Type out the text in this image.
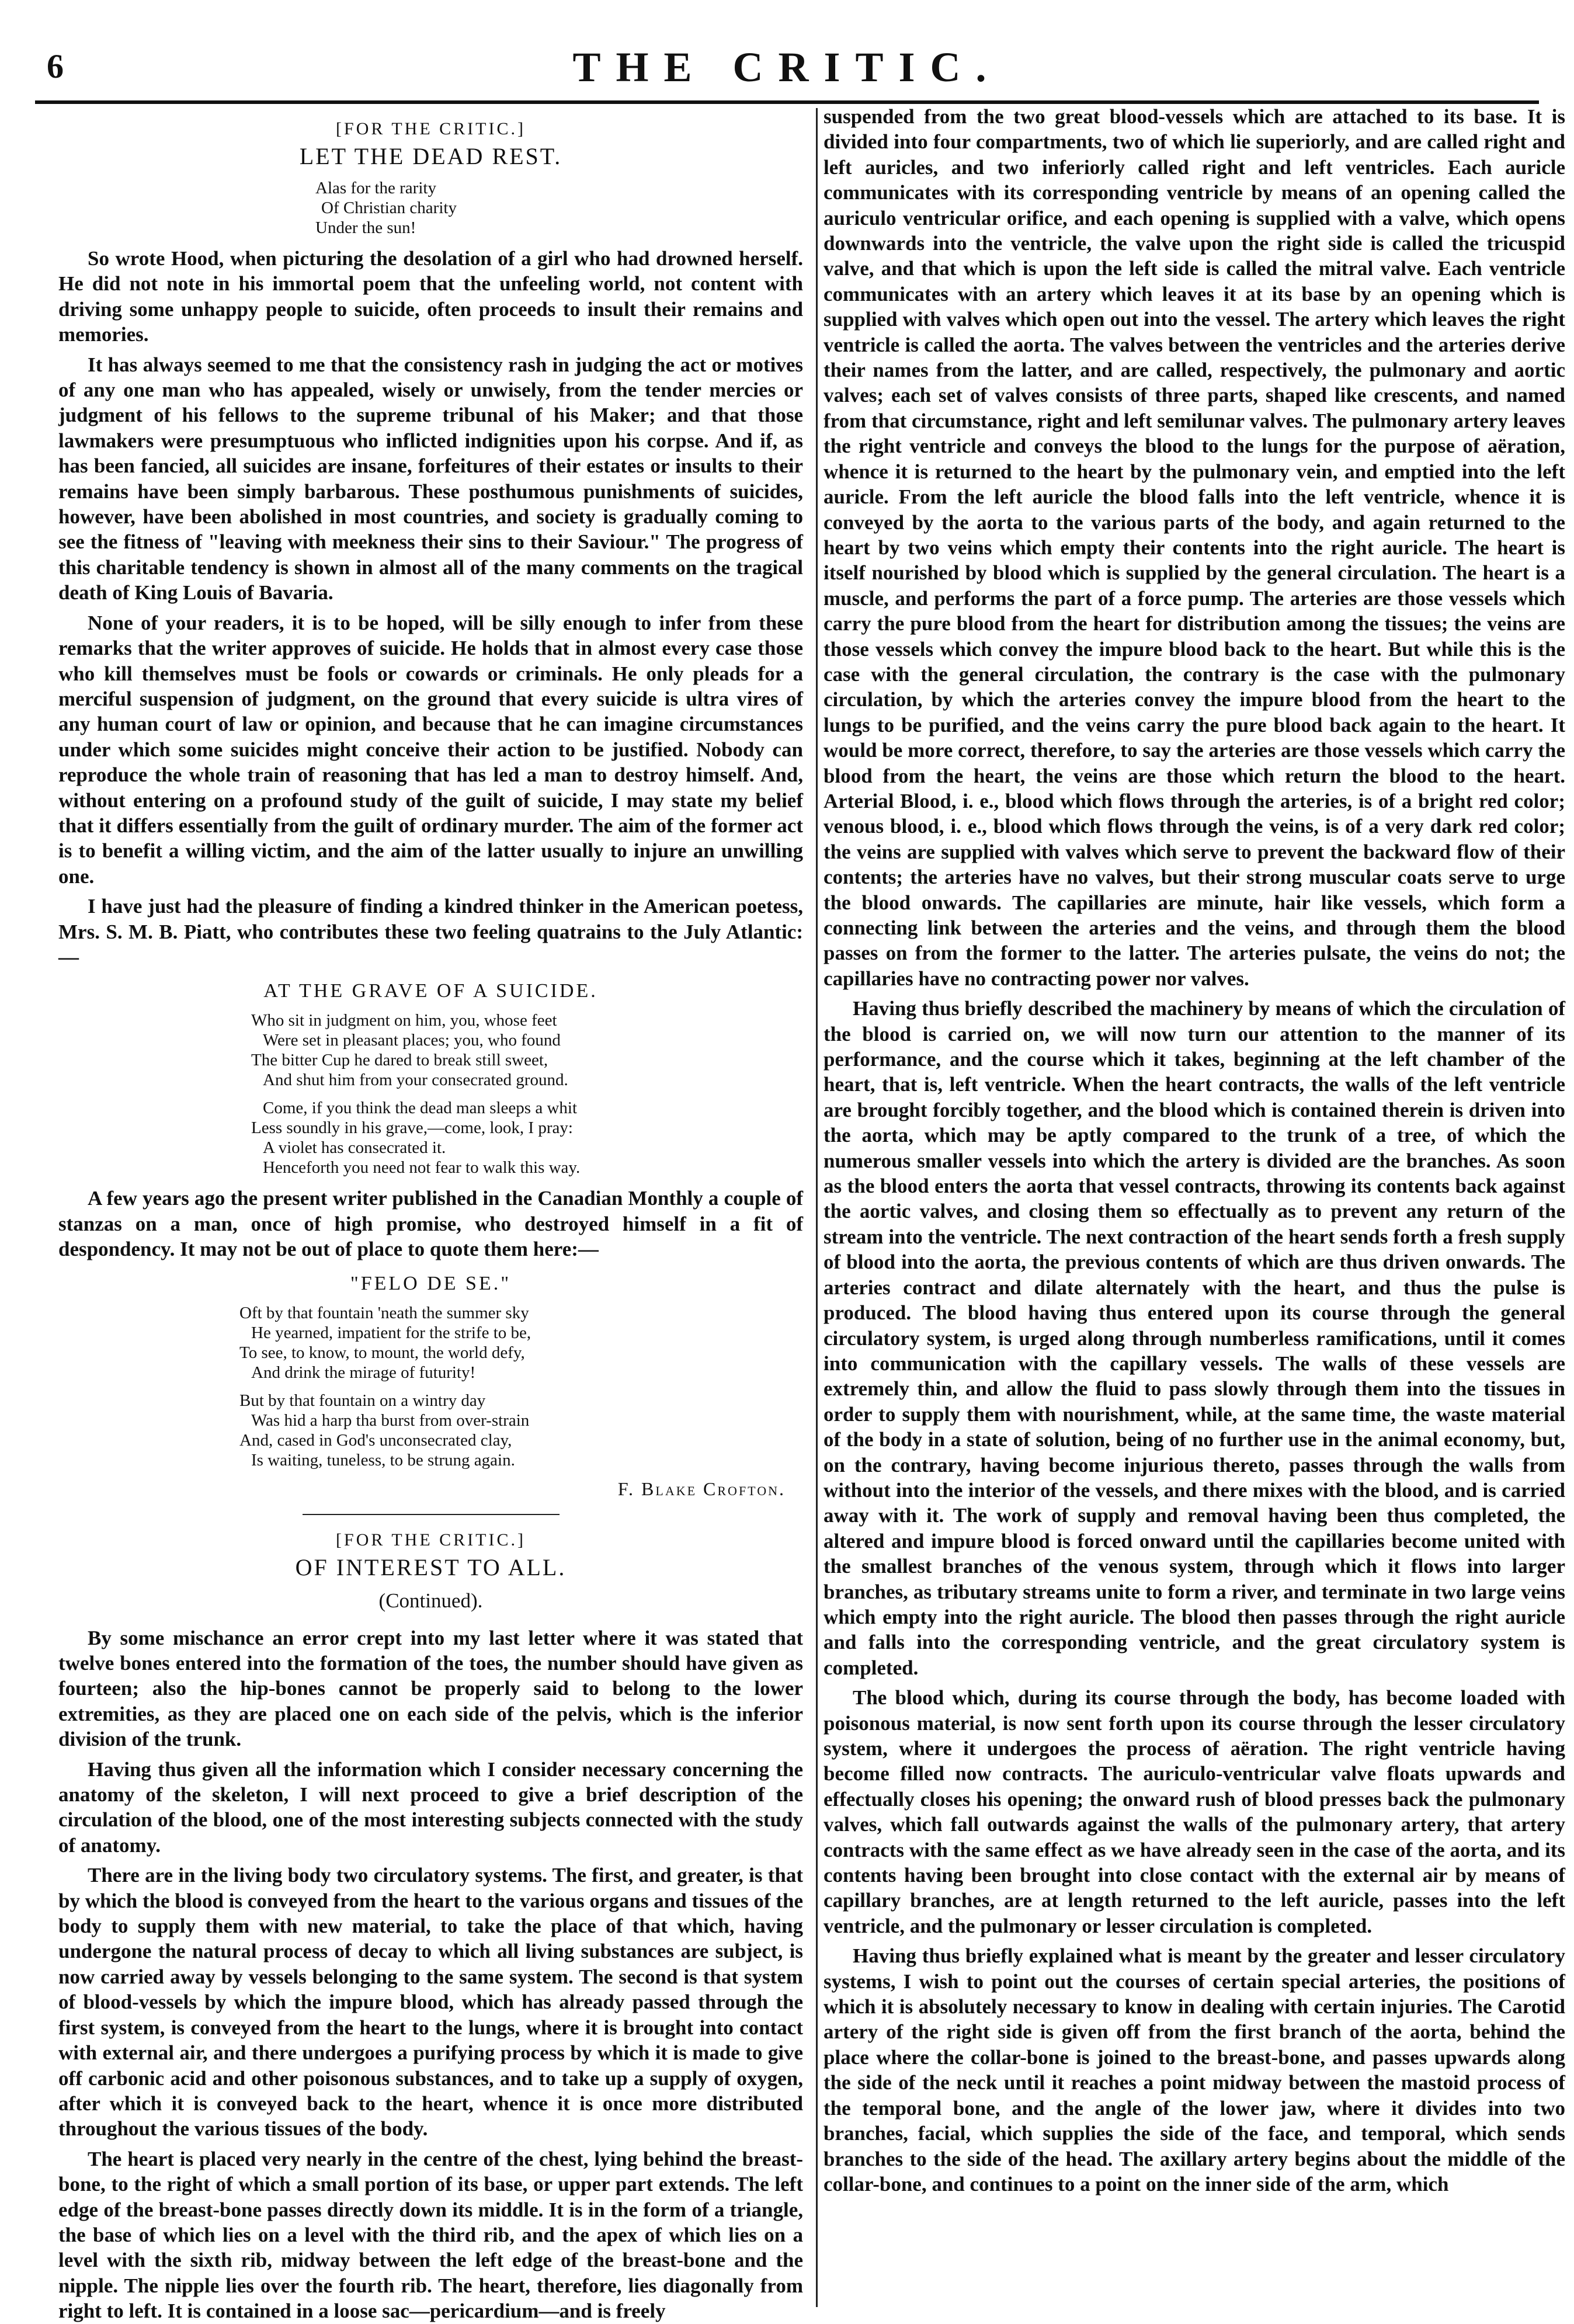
6	THE CRITIC.
[FOR THE CRITIC.]
LET THE DEAD REST.
Alas for the rarity
Of Christian charity
Under the sun!

So wrote Hood, when picturing the desolation of a girl who had drowned herself. He did not note in his immortal poem that the unfeeling world, not content with driving some unhappy people to suicide, often proceeds to insult their remains and memories.

It has always seemed to me that the consistency rash in judging the act or motives of any one man who has appealed, wisely or unwisely, from the tender mercies or judgment of his fellows to the supreme tribunal of his Maker; and that those lawmakers were presumptuous who inflicted indignities upon his corpse. And if, as has been fancied, all suicides are insane, forfeitures of their estates or insults to their remains have been simply barbarous. These posthumous punishments of suicides, however, have been abolished in most countries, and society is gradually coming to see the fitness of "leaving with meekness their sins to their Saviour." The progress of this charitable tendency is shown in almost all of the many comments on the tragical death of King Louis of Bavaria.

None of your readers, it is to be hoped, will be silly enough to infer from these remarks that the writer approves of suicide. He holds that in almost every case those who kill themselves must be fools or cowards or criminals. He only pleads for a merciful suspension of judgment, on the ground that every suicide is ultra vires of any human court of law or opinion, and because that he can imagine circumstances under which some suicides might conceive their action to be justified. Nobody can reproduce the whole train of reasoning that has led a man to destroy himself. And, without entering on a profound study of the guilt of suicide, I may state my belief that it differs essentially from the guilt of ordinary murder. The aim of the former act is to benefit a willing victim, and the aim of the latter usually to injure an unwilling one.

I have just had the pleasure of finding a kindred thinker in the American poetess, Mrs. S. M. B. Piatt, who contributes these two feeling quatrains to the July Atlantic:—

AT THE GRAVE OF A SUICIDE.
Who sit in judgment on him, you, whose feet
Were set in pleasant places; you, who found
The bitter Cup he dared to break still sweet,
And shut him from your consecrated ground.
Come, if you think the dead man sleeps a whit
Less soundly in his grave,—come, look, I pray:
A violet has consecrated it.
Henceforth you need not fear to walk this way.

A few years ago the present writer published in the Canadian Monthly a couple of stanzas on a man, once of high promise, who destroyed himself in a fit of despondency. It may not be out of place to quote them here:—

"FELO DE SE."
Oft by that fountain 'neath the summer sky
He yearned, impatient for the strife to be,
To see, to know, to mount, the world defy,
And drink the mirage of futurity!
But by that fountain on a wintry day
Was hid a harp tha burst from over-strain
And, cased in God's unconsecrated clay,
Is waiting, tuneless, to be strung again.
F. Blake Crofton.
[FOR THE CRITIC.]
OF INTEREST TO ALL.
(Continued).

By some mischance an error crept into my last letter where it was stated that twelve bones entered into the formation of the toes, the number should have given as fourteen; also the hip-bones cannot be properly said to belong to the lower extremities, as they are placed one on each side of the pelvis, which is the inferior division of the trunk.

Having thus given all the information which I consider necessary concerning the anatomy of the skeleton, I will next proceed to give a brief description of the circulation of the blood, one of the most interesting subjects connected with the study of anatomy.

There are in the living body two circulatory systems. The first, and greater, is that by which the blood is conveyed from the heart to the various organs and tissues of the body to supply them with new material, to take the place of that which, having undergone the natural process of decay to which all living substances are subject, is now carried away by vessels belonging to the same system. The second is that system of blood-vessels by which the impure blood, which has already passed through the first system, is conveyed from the heart to the lungs, where it is brought into contact with external air, and there undergoes a purifying process by which it is made to give off carbonic acid and other poisonous substances, and to take up a supply of oxygen, after which it is conveyed back to the heart, whence it is once more distributed throughout the various tissues of the body.

The heart is placed very nearly in the centre of the chest, lying behind the breast-bone, to the right of which a small portion of its base, or upper part extends. The left edge of the breast-bone passes directly down its middle. It is in the form of a triangle, the base of which lies on a level with the third rib, and the apex of which lies on a level with the sixth rib, midway between the left edge of the breast-bone and the nipple. The nipple lies over the fourth rib. The heart, therefore, lies diagonally from right to left. It is contained in a loose sac—pericardium—and is freely

suspended from the two great blood-vessels which are attached to its base. It is divided into four compartments, two of which lie superiorly, and are called right and left auricles, and two inferiorly called right and left ventricles. Each auricle communicates with its corresponding ventricle by means of an opening called the auriculo ventricular orifice, and each opening is supplied with a valve, which opens downwards into the ventricle, the valve upon the right side is called the tricuspid valve, and that which is upon the left side is called the mitral valve. Each ventricle communicates with an artery which leaves it at its base by an opening which is supplied with valves which open out into the vessel. The artery which leaves the right ventricle is called the aorta. The valves between the ventricles and the arteries derive their names from the latter, and are called, respectively, the pulmonary and aortic valves; each set of valves consists of three parts, shaped like crescents, and named from that circumstance, right and left semilunar valves. The pulmonary artery leaves the right ventricle and conveys the blood to the lungs for the purpose of aëration, whence it is returned to the heart by the pulmonary vein, and emptied into the left auricle. From the left auricle the blood falls into the left ventricle, whence it is conveyed by the aorta to the various parts of the body, and again returned to the heart by two veins which empty their contents into the right auricle. The heart is itself nourished by blood which is supplied by the general circulation. The heart is a muscle, and performs the part of a force pump. The arteries are those vessels which carry the pure blood from the heart for distribution among the tissues; the veins are those vessels which convey the impure blood back to the heart. But while this is the case with the general circulation, the contrary is the case with the pulmonary circulation, by which the arteries convey the impure blood from the heart to the lungs to be purified, and the veins carry the pure blood back again to the heart. It would be more correct, therefore, to say the arteries are those vessels which carry the blood from the heart, the veins are those which return the blood to the heart. Arterial Blood, i. e., blood which flows through the arteries, is of a bright red color; venous blood, i. e., blood which flows through the veins, is of a very dark red color; the veins are supplied with valves which serve to prevent the backward flow of their contents; the arteries have no valves, but their strong muscular coats serve to urge the blood onwards. The capillaries are minute, hair like vessels, which form a connecting link between the arteries and the veins, and through them the blood passes on from the former to the latter. The arteries pulsate, the veins do not; the capillaries have no contracting power nor valves.

Having thus briefly described the machinery by means of which the circulation of the blood is carried on, we will now turn our attention to the manner of its performance, and the course which it takes, beginning at the left chamber of the heart, that is, left ventricle. When the heart contracts, the walls of the left ventricle are brought forcibly together, and the blood which is contained therein is driven into the aorta, which may be aptly compared to the trunk of a tree, of which the numerous smaller vessels into which the artery is divided are the branches. As soon as the blood enters the aorta that vessel contracts, throwing its contents back against the aortic valves, and closing them so effectually as to prevent any return of the stream into the ventricle. The next contraction of the heart sends forth a fresh supply of blood into the aorta, the previous contents of which are thus driven onwards. The arteries contract and dilate alternately with the heart, and thus the pulse is produced. The blood having thus entered upon its course through the general circulatory system, is urged along through numberless ramifications, until it comes into communication with the capillary vessels. The walls of these vessels are extremely thin, and allow the fluid to pass slowly through them into the tissues in order to supply them with nourishment, while, at the same time, the waste material of the body in a state of solution, being of no further use in the animal economy, but, on the contrary, having become injurious thereto, passes through the walls from without into the interior of the vessels, and there mixes with the blood, and is carried away with it. The work of supply and removal having been thus completed, the altered and impure blood is forced onward until the capillaries become united with the smallest branches of the venous system, through which it flows into larger branches, as tributary streams unite to form a river, and terminate in two large veins which empty into the right auricle. The blood then passes through the right auricle and falls into the corresponding ventricle, and the great circulatory system is completed.

The blood which, during its course through the body, has become loaded with poisonous material, is now sent forth upon its course through the lesser circulatory system, where it undergoes the process of aëration. The right ventricle having become filled now contracts. The auriculo-ventricular valve floats upwards and effectually closes his opening; the onward rush of blood presses back the pulmonary valves, which fall outwards against the walls of the pulmonary artery, that artery contracts with the same effect as we have already seen in the case of the aorta, and its contents having been brought into close contact with the external air by means of capillary branches, are at length returned to the left auricle, passes into the left ventricle, and the pulmonary or lesser circulation is completed.

Having thus briefly explained what is meant by the greater and lesser circulatory systems, I wish to point out the courses of certain special arteries, the positions of which it is absolutely necessary to know in dealing with certain injuries. The Carotid artery of the right side is given off from the first branch of the aorta, behind the place where the collar-bone is joined to the breast-bone, and passes upwards along the side of the neck until it reaches a point midway between the mastoid process of the temporal bone, and the angle of the lower jaw, where it divides into two branches, facial, which supplies the side of the face, and temporal, which sends branches to the side of the head. The axillary artery begins about the middle of the collar-bone, and continues to a point on the inner side of the arm, which
